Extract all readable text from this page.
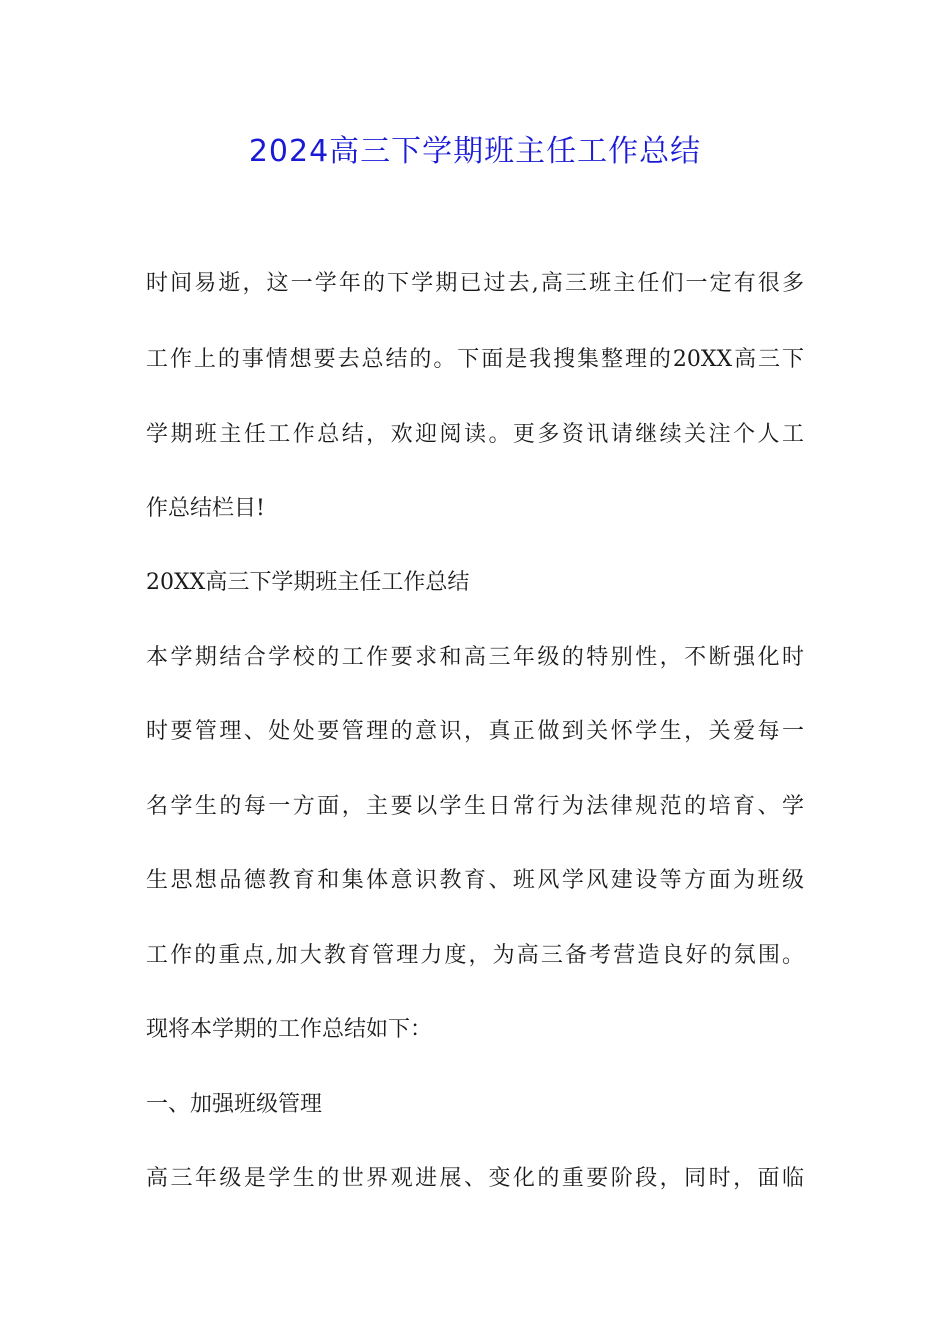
2024高三下学期班主任工作总结
时间易逝，这一学年的下学期已过去,高三班主任们一定有很多
工作上的事情想要去总结的。下面是我搜集整理的20XX高三下
学期班主任工作总结，欢迎阅读。更多资讯请继续关注个人工
作总结栏目!
20XX高三下学期班主任工作总结
本学期结合学校的工作要求和高三年级的特别性，不断强化时
时要管理、处处要管理的意识，真正做到关怀学生，关爱每一
名学生的每一方面，主要以学生日常行为法律规范的培育、学
生思想品德教育和集体意识教育、班风学风建设等方面为班级
工作的重点,加大教育管理力度，为高三备考营造良好的氛围。
现将本学期的工作总结如下：
一、加强班级管理
高三年级是学生的世界观进展、变化的重要阶段，同时，面临
